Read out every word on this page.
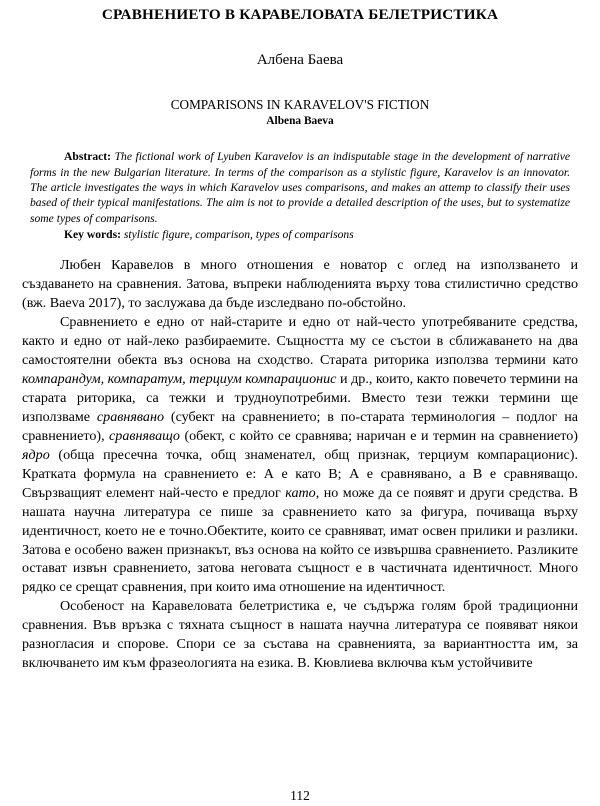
СРАВНЕНИЕТО В КАРАВЕЛОВАТА БЕЛЕТРИСТИКА
Албена Баева
COMPARISONS IN KARAVELOV'S FICTION
Albena Baeva

Abstract: The fictional work of Lyuben Karavelov is an indisputable stage in the development of narrative forms in the new Bulgarian literature. In terms of the comparison as a stylistic figure, Karavelov is an innovator. The article investigates the ways in which Karavelov uses comparisons, and makes an attemp to classify their uses based of their typical manifestations. The aim is not to provide a detailed description of the uses, but to systematize some types of comparisons.

Key words: stylistic figure, comparison, types of comparisons

Любен Каравелов в много отношения е новатор с оглед на използването и създаването на сравнения. Затова, въпреки наблюденията върху това стилистично средство (вж. Baeva 2017), то заслужава да бъде изследвано по-обстойно.

Сравнението е едно от най-старите и едно от най-често употребяваните средства, както и едно от най-леко разбираемите. Същността му се състои в сближаването на два самостоятелни обекта въз основа на сходство. Старата риторика използва термини като компарандум, компаратум, терциум компарационис и др., които, както повечето термини на старата риторика, са тежки и трудноупотребими. Вместо тези тежки термини ще използваме сравнявано (субект на сравнението; в по-старата терминология – подлог на сравнението), сравняващо (обект, с който се сравнява; наричан е и термин на сравнението) ядро (обща пресечна точка, общ знаменател, общ признак, терциум компарационис). Краткaта формула на сравнението е: А е като В; А е сравнявано, а В е сравняващо. Свързващият елемент най-често е предлог като, но може да се появят и други средства. В нашата научна литература се пише за сравнението като за фигура, почиваща върху идентичност, което не е точно.Обектите, които се сравняват, имат освен прилики и разлики. Затова е особено важен признакът, въз основа на който се извършва сравнението. Разликите остават извън сравнението, затова неговата същност е в частичната идентичност. Много рядко се срещат сравнения, при които има отношение на идентичност.

Особеност на Каравеловата белетристика е, че съдържа голям брой традиционни сравнения. Във връзка с тяхната същност в нашата научна литература се появяват някои разногласия и спорове. Спори се за състава на сравненията, за вариантността им, за включването им към фразеологията на езика. В. Кювлиева включва към устойчивите

112
